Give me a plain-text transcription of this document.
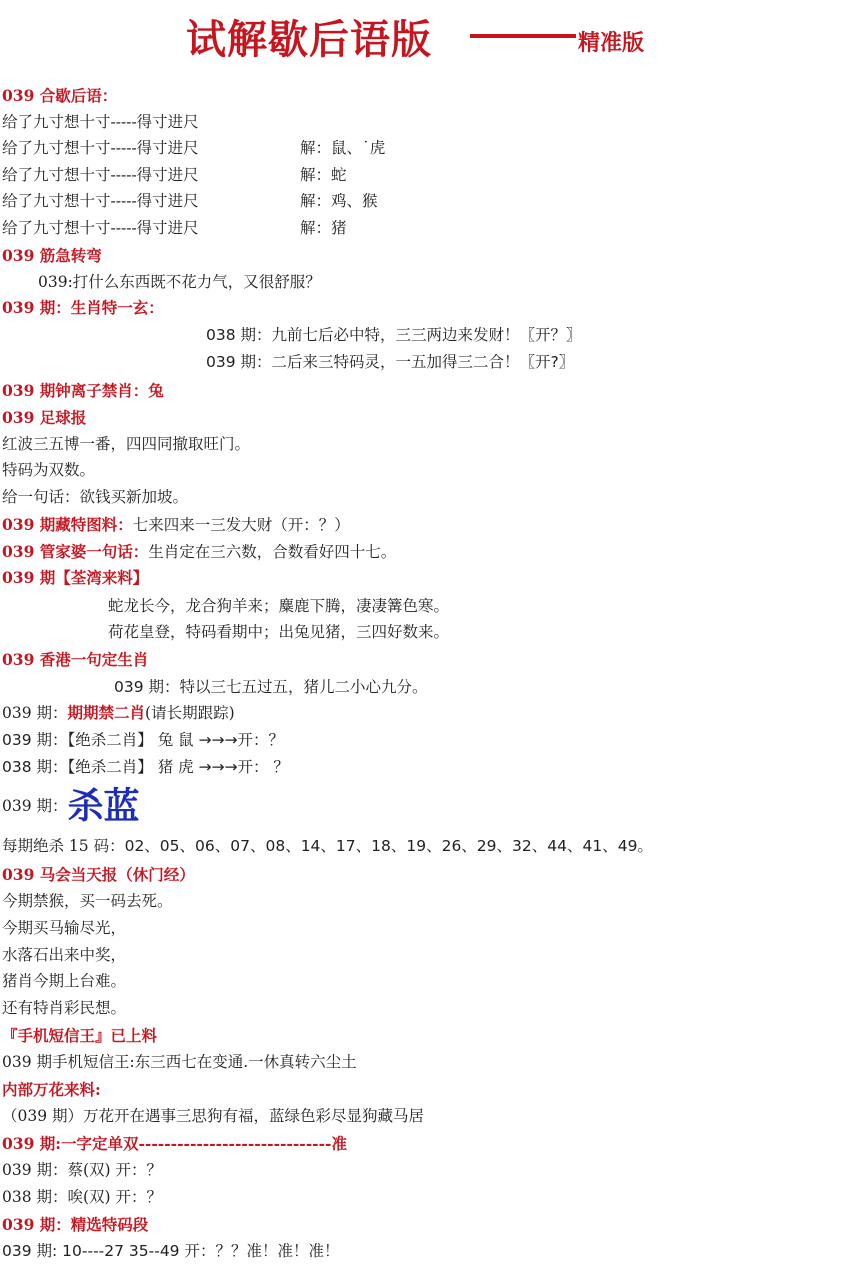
试解歇后语版	精准版
039 合歇后语：
给了九寸想十寸-----得寸进尺
给了九寸想十寸-----得寸进尺	解：鼠、˙虎
给了九寸想十寸-----得寸进尺	解：蛇
给了九寸想十寸-----得寸进尺	解：鸡、猴
给了九寸想十寸-----得寸进尺	解：猪
039 筋急转弯
039:打什么东西既不花力气，又很舒服？
039 期：生肖特一玄：
038 期：九前七后必中特，三三两边来发财！〖开？〗
039 期：二后来三特码灵，一五加得三二合！〖开?〗
039 期钟离子禁肖：兔
039 足球报
红波三五博一番，四四同撤取旺门。
特码为双数。
给一句话：欲钱买新加坡。
039 期藏特图料：七来四来一三发大财（开：？）
039 管家婆一句话：生肖定在三六数，合数看好四十七。
039 期【荃湾来料】
蛇龙长今，龙合狗羊来；麋鹿下腾，凄凄篝色寒。
荷花皇登，特码看期中；出兔见猪，三四好数来。
039 香港一句定生肖
039 期：特以三七五过五，猪儿二小心九分。
039 期：期期禁二肖(请长期跟踪)
039 期：【绝杀二肖】 兔 鼠 →→→开：？
038 期：【绝杀二肖】 猪 虎 →→→开： ？
039 期：杀蓝
每期绝杀 15 码：02、05、06、07、08、14、17、18、19、26、29、32、44、41、49。
039 马会当天报（休门经）
今期禁猴，买一码去死。
今期买马输尽光，
水落石出来中奖，
猪肖今期上台难。
还有特肖彩民想。
『手机短信王』已上料
039 期手机短信王:东三西七在变通.一休真转六尘土
内部万花来料:
（039 期）万花开在遇事三思狗有福，蓝绿色彩尽显狗藏马居
039 期:一字定单双------------------------------准
039 期：蔡(双) 开：？
038 期：唉(双) 开：？
039 期：精选特码段
039 期: 10----27 35--49 开：？？准！准！准！
